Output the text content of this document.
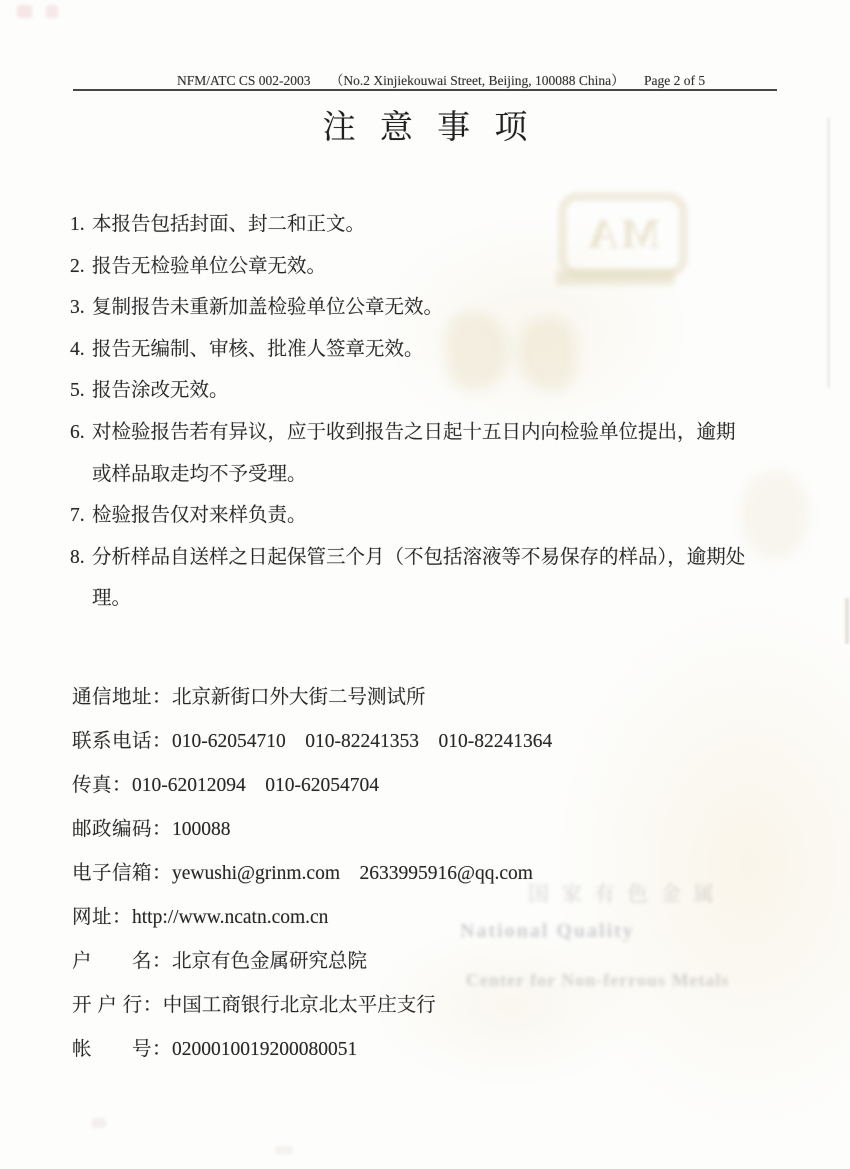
MA
国家有色金属
National Quality
Center for Non-ferrous Metals
NFM/ATC CS 002-2003 （No.2 Xinjiekouwai Street, Beijing, 100088 China） Page 2 of 5
注 意 事 项
1. 本报告包括封面、封二和正文。
2. 报告无检验单位公章无效。
3. 复制报告未重新加盖检验单位公章无效。
4. 报告无编制、审核、批准人签章无效。
5. 报告涂改无效。
6. 对检验报告若有异议，应于收到报告之日起十五日内向检验单位提出，逾期
或样品取走均不予受理。
7. 检验报告仅对来样负责。
8. 分析样品自送样之日起保管三个月（不包括溶液等不易保存的样品），逾期处
理。
通信地址：北京新街口外大街二号测试所
联系电话：010-62054710　010-82241353　010-82241364
传真：010-62012094　010-62054704
邮政编码：100088
电子信箱：yewushi@grinm.com　2633995916@qq.com
网址：http://www.ncatn.com.cn
户　　名：北京有色金属研究总院
开 户 行：中国工商银行北京北太平庄支行
帐　　号：0200010019200080051
